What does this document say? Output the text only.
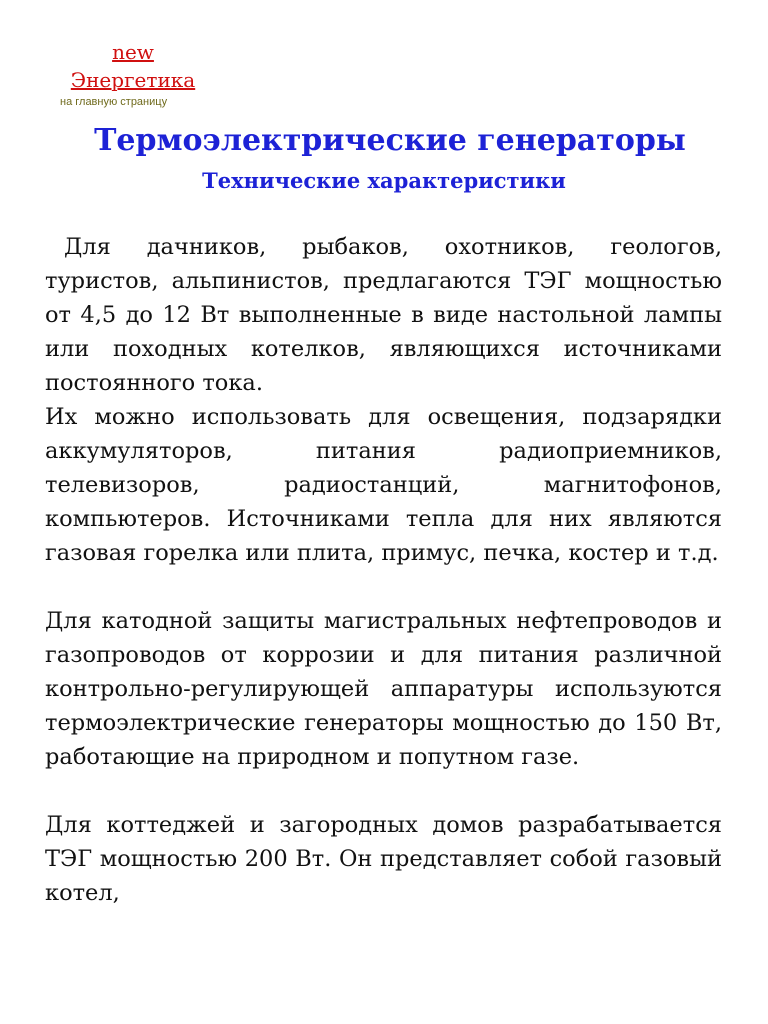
new
Энергетика
на главную страницу
Термоэлектрические генераторы
Технические характеристики

Для дачников, рыбаков, охотников, геологов, туристов, альпинистов, предлагаются ТЭГ мощностью от 4,5 до 12 Вт выполненные в виде настольной лампы или походных котелков, являющихся источниками постоянного тока.

Их можно использовать для освещения, подзарядки аккумуляторов, питания радиоприемников, телевизоров, радиостанций, магнитофонов, компьютеров. Источниками тепла для них являются газовая горелка или плита, примус, печка, костер и т.д.

Для катодной защиты магистральных нефтепроводов и газопроводов от коррозии и для питания различной контрольно-регулирующей аппаратуры используются термоэлектрические генераторы мощностью до 150 Вт, работающие на природном и попутном газе.

Для коттеджей и загородных домов разрабатывается ТЭГ мощностью 200 Вт. Он представляет собой газовый котел,
